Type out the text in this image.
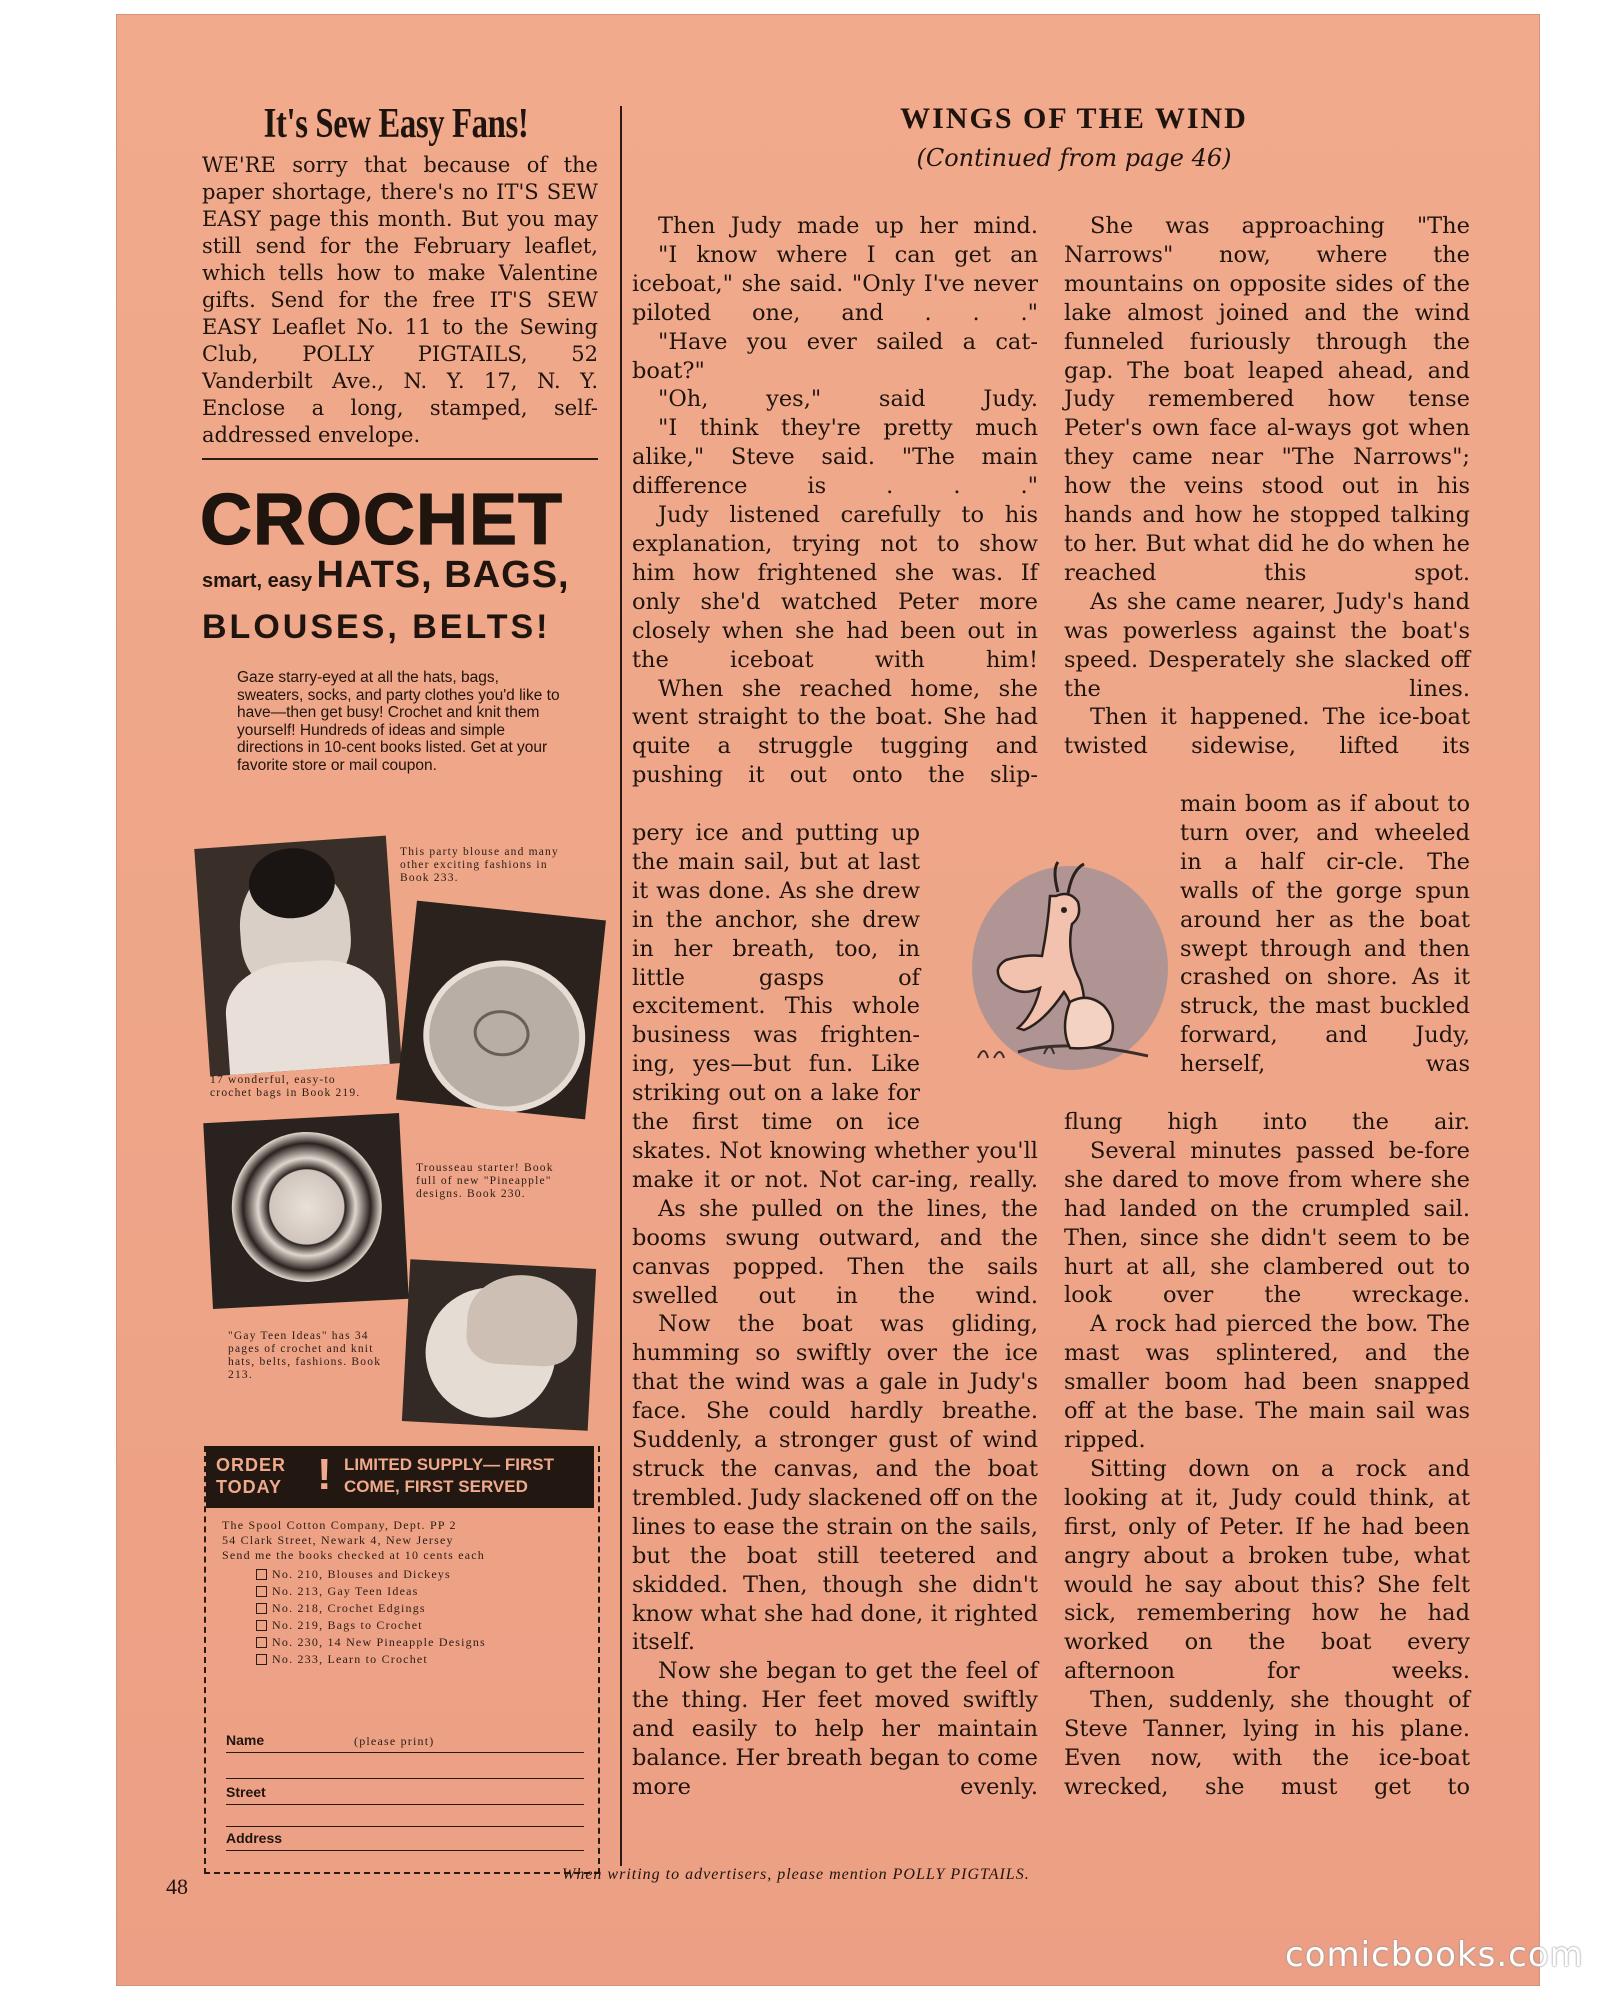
It's Sew Easy Fans!
WE'RE sorry that because of the paper shortage, there's no IT'S SEW EASY page this month. But you may still send for the February leaflet, which tells how to make Valentine gifts. Send for the free IT'S SEW EASY Leaflet No. 11 to the Sewing Club, POLLY PIGTAILS, 52 Vanderbilt Ave., N. Y. 17, N. Y. Enclose a long, stamped, self-addressed envelope.
CROCHET
smart, easy HATS, BAGS,
BLOUSES, BELTS!
Gaze starry-eyed at all the hats, bags, sweaters, socks, and party clothes you'd like to have—then get busy! Crochet and knit them yourself! Hundreds of ideas and simple directions in 10-cent books listed. Get at your favorite store or mail coupon.
This party blouse and many other exciting fashions in Book 233.
17 wonderful, easy-to crochet bags in Book 219.
Trousseau starter! Book full of new "Pineapple" designs. Book 230.
"Gay Teen Ideas" has 34 pages of crochet and knit hats, belts, fashions. Book 213.
ORDER TODAY ! LIMITED SUPPLY— FIRST COME, FIRST SERVED
The Spool Cotton Company, Dept. PP 2
54 Clark Street, Newark 4, New Jersey
Send me the books checked at 10 cents each
No. 210, Blouses and Dickeys
No. 213, Gay Teen Ideas
No. 218, Crochet Edgings
No. 219, Bags to Crochet
No. 230, 14 New Pineapple Designs
No. 233, Learn to Crochet
Name	(please print)
Street
Address
48	When writing to advertisers, please mention POLLY PIGTAILS.
WINGS OF THE WIND
(Continued from page 46)

Then Judy made up her mind.

"I know where I can get an iceboat," she said. "Only I've never piloted one, and . . ."

"Have you ever sailed a cat-boat?"

"Oh, yes," said Judy.

"I think they're pretty much alike," Steve said. "The main difference is . . ."

Judy listened carefully to his explanation, trying not to show him how frightened she was. If only she'd watched Peter more closely when she had been out in the iceboat with him!

When she reached home, she went straight to the boat. She had quite a struggle tugging and pushing it out onto the slip-

pery ice and putting up the main sail, but at last it was done. As she drew in the anchor, she drew in her breath, too, in little gasps of excitement. This whole business was frighten-ing, yes—but fun. Like striking out on a lake for the first time on ice

skates. Not knowing whether you'll make it or not. Not car-ing, really.

As she pulled on the lines, the booms swung outward, and the canvas popped. Then the sails swelled out in the wind.

Now the boat was gliding, humming so swiftly over the ice that the wind was a gale in Judy's face. She could hardly breathe. Suddenly, a stronger gust of wind struck the canvas, and the boat trembled. Judy slackened off on the lines to ease the strain on the sails, but the boat still teetered and skidded. Then, though she didn't know what she had done, it righted itself.

Now she began to get the feel of the thing. Her feet moved swiftly and easily to help her maintain balance. Her breath began to come more evenly.

She was approaching "The Narrows" now, where the mountains on opposite sides of the lake almost joined and the wind funneled furiously through the gap. The boat leaped ahead, and Judy remembered how tense Peter's own face al-ways got when they came near "The Narrows"; how the veins stood out in his hands and how he stopped talking to her. But what did he do when he reached this spot.

As she came nearer, Judy's hand was powerless against the boat's speed. Desperately she slacked off the lines.

Then it happened. The ice-boat twisted sidewise, lifted its

main boom as if about to turn over, and wheeled in a half cir-cle. The walls of the gorge spun around her as the boat swept through and then crashed on shore. As it struck, the mast buckled forward, and Judy, herself, was

flung high into the air.

Several minutes passed be-fore she dared to move from where she had landed on the crumpled sail. Then, since she didn't seem to be hurt at all, she clambered out to look over the wreckage.

A rock had pierced the bow. The mast was splintered, and the smaller boom had been snapped off at the base. The main sail was ripped.

Sitting down on a rock and looking at it, Judy could think, at first, only of Peter. If he had been angry about a broken tube, what would he say about this? She felt sick, remembering how he had worked on the boat every afternoon for weeks.

Then, suddenly, she thought of Steve Tanner, lying in his plane. Even now, with the ice-boat wrecked, she must get to

comicbooks.com
